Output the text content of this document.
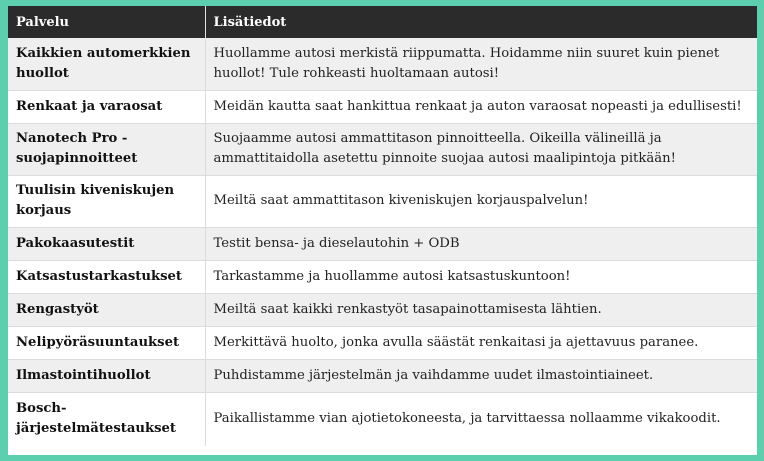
Palvelu	Lisätiedot
Kaikkien automerkkien huollot	Huollamme autosi merkistä riippumatta. Hoidamme niin suuret kuin pienet huollot! Tule rohkeasti huoltamaan autosi!
Renkaat ja varaosat	Meidän kautta saat hankittua renkaat ja auton varaosat nopeasti ja edullisesti!
Nanotech Pro - suojapinnoitteet	Suojaamme autosi ammattitason pinnoitteella. Oikeilla välineillä ja ammattitaidolla asetettu pinnoite suojaa autosi maalipintoja pitkään!
Tuulisin kiveniskujen korjaus	Meiltä saat ammattitason kiveniskujen korjauspalvelun!
Pakokaasutestit	Testit bensa- ja dieselautohin + ODB
Katsastustarkastukset	Tarkastamme ja huollamme autosi katsastuskuntoon!
Rengastyöt	Meiltä saat kaikki renkastyöt tasapainottamisesta lähtien.
Nelipyöräsuuntaukset	Merkittävä huolto, jonka avulla säästät renkaitasi ja ajettavuus paranee.
Ilmastointihuollot	Puhdistamme järjestelmän ja vaihdamme uudet ilmastointiaineet.
Bosch-järjestelmätestaukset	Paikallistamme vian ajotietokoneesta, ja tarvittaessa nollaamme vikakoodit.
